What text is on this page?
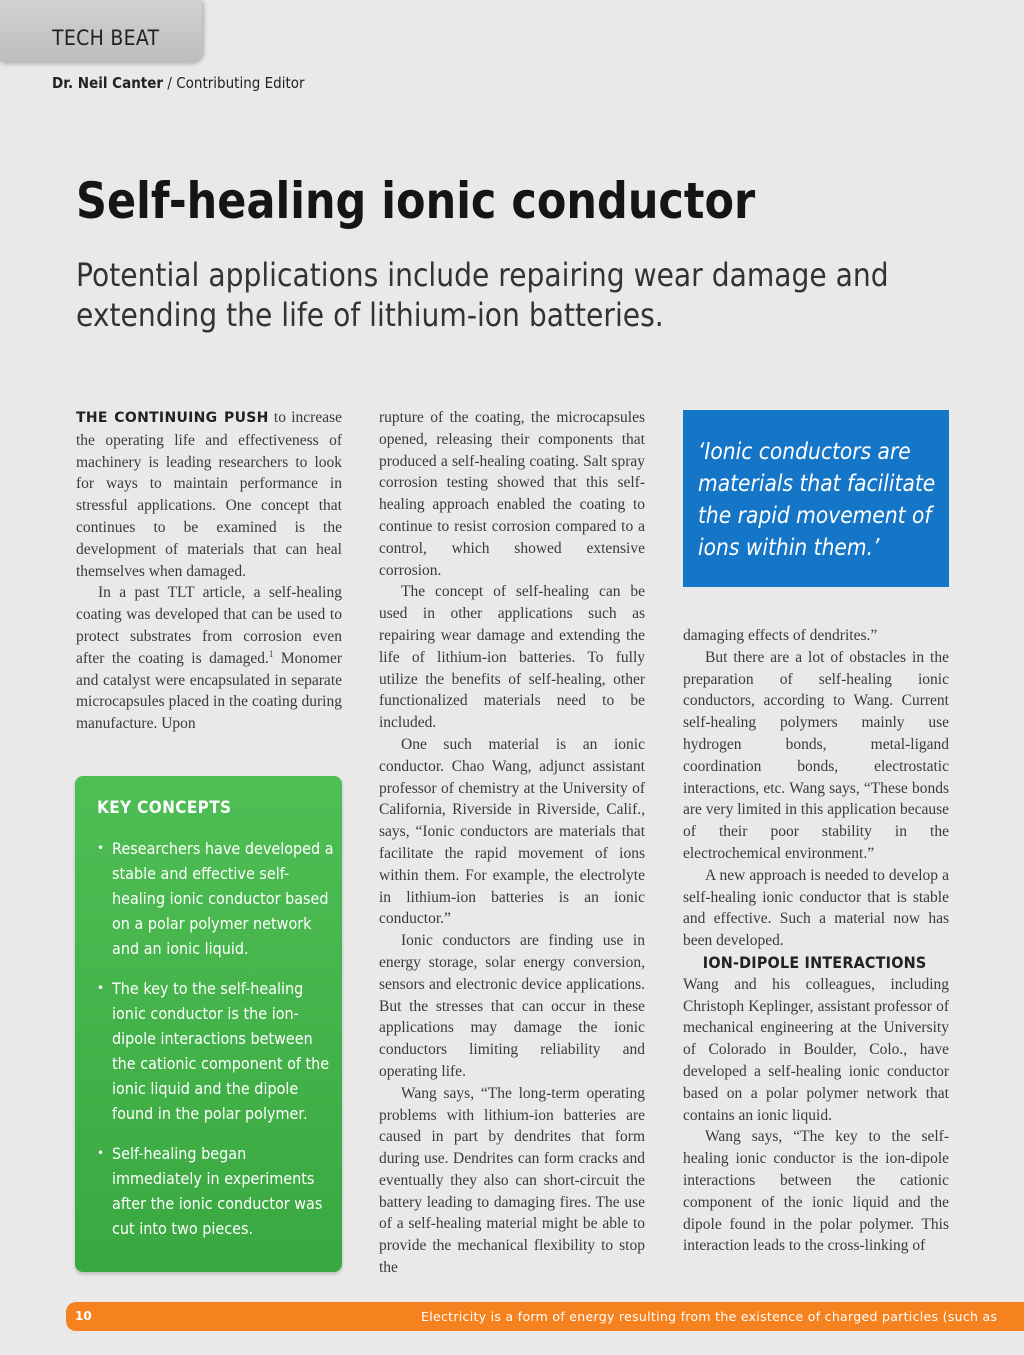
TECH BEAT
Dr. Neil Canter / Contributing Editor
Self-healing ionic conductor

Potential applications include repairing wear damage and extending the life of lithium-ion batteries.

THE CONTINUING PUSH to increase the operating life and effectiveness of machinery is leading researchers to look for ways to maintain performance in stressful applications. One concept that continues to be examined is the development of materials that can heal themselves when damaged.

In a past TLT article, a self-healing coating was developed that can be used to protect substrates from corrosion even after the coating is damaged.$^1$ Monomer and catalyst were encapsulated in separate microcapsules placed in the coating during manufacture. Upon

KEY CONCEPTS
• Researchers have developed a stable and effective self-healing ionic conductor based on a polar polymer network and an ionic liquid.
• The key to the self-healing ionic conductor is the ion-dipole interactions between the cationic component of the ionic liquid and the dipole found in the polar polymer.
• Self-healing began immediately in experiments after the ionic conductor was cut into two pieces.

rupture of the coating, the microcapsules opened, releasing their components that produced a self-healing coating. Salt spray corrosion testing showed that this self-healing approach enabled the coating to continue to resist corrosion compared to a control, which showed extensive corrosion.

The concept of self-healing can be used in other applications such as repairing wear damage and extending the life of lithium-ion batteries. To fully utilize the benefits of self-healing, other functionalized materials need to be included.

One such material is an ionic conductor. Chao Wang, adjunct assistant professor of chemistry at the University of California, Riverside in Riverside, Calif., says, “Ionic conductors are materials that facilitate the rapid movement of ions within them. For example, the electrolyte in lithium-ion batteries is an ionic conductor.”

Ionic conductors are finding use in energy storage, solar energy conversion, sensors and electronic device applications. But the stresses that can occur in these applications may damage the ionic conductors limiting reliability and operating life.

Wang says, “The long-term operating problems with lithium-ion batteries are caused in part by dendrites that form during use. Dendrites can form cracks and eventually they also can short-circuit the battery leading to damaging fires. The use of a self-healing material might be able to provide the mechanical flexibility to stop the

‘Ionic conductors are materials that facilitate the rapid movement of ions within them.’

damaging effects of dendrites.”

But there are a lot of obstacles in the preparation of self-healing ionic conductors, according to Wang. Current self-healing polymers mainly use hydrogen bonds, metal-ligand coordination bonds, electrostatic interactions, etc. Wang says, “These bonds are very limited in this application because of their poor stability in the electrochemical environment.”

A new approach is needed to develop a self-healing ionic conductor that is stable and effective. Such a material now has been developed.

ION-DIPOLE INTERACTIONS

Wang and his colleagues, including Christoph Keplinger, assistant professor of mechanical engineering at the University of Colorado in Boulder, Colo., have developed a self-healing ionic conductor based on a polar polymer network that contains an ionic liquid.

Wang says, “The key to the self-healing ionic conductor is the ion-dipole interactions between the cationic component of the ionic liquid and the dipole found in the polar polymer. This interaction leads to the cross-linking of

10	Electricity is a form of energy resulting from the existence of charged particles (such as
